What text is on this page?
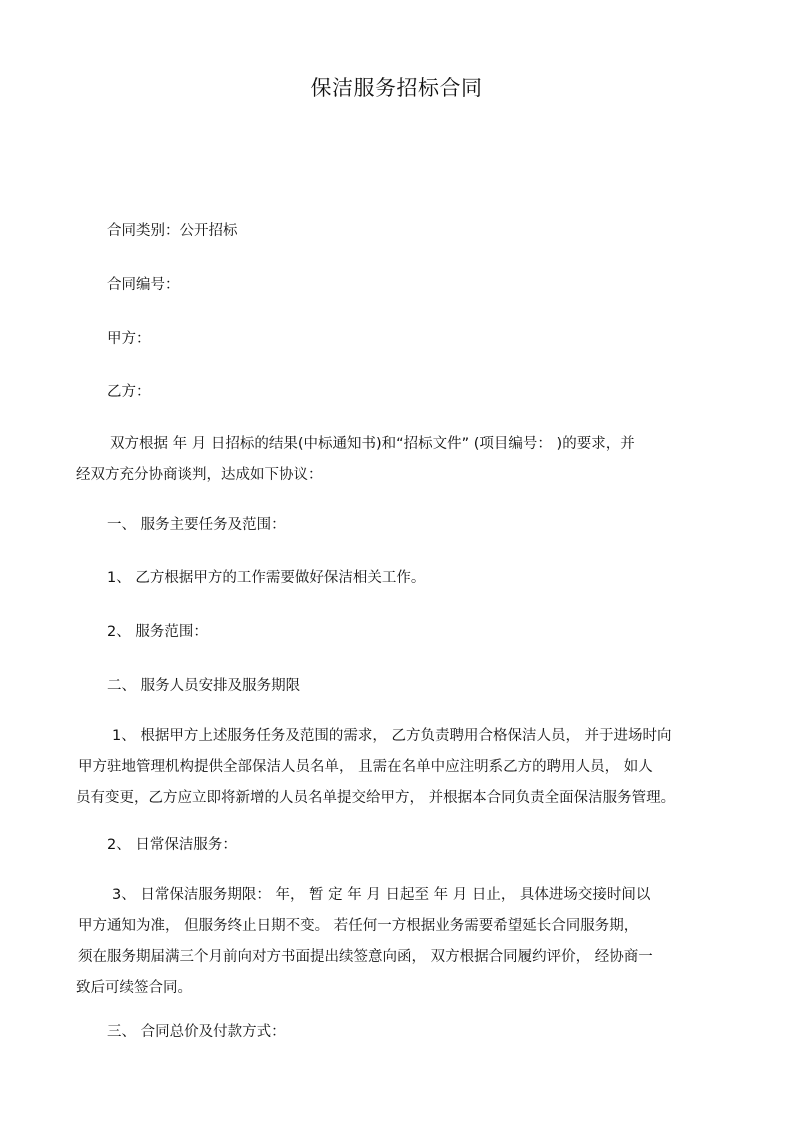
保洁服务招标合同
合同类别：公开招标
合同编号：
甲方：
乙方：
双方根据 年 月 日招标的结果(中标通知书)和“招标文件” (项目编号： )的要求，并
经双方充分协商谈判，达成如下协议：
一、 服务主要任务及范围：
1、 乙方根据甲方的工作需要做好保洁相关工作。
2、 服务范围：
二、 服务人员安排及服务期限
1、 根据甲方上述服务任务及范围的需求， 乙方负责聘用合格保洁人员， 并于进场时向
甲方驻地管理机构提供全部保洁人员名单， 且需在名单中应注明系乙方的聘用人员， 如人
员有变更，乙方应立即将新增的人员名单提交给甲方， 并根据本合同负责全面保洁服务管理。
2、 日常保洁服务：
3、 日常保洁服务期限： 年， 暂 定 年 月 日起至 年 月 日止， 具体进场交接时间以
甲方通知为准， 但服务终止日期不变。 若任何一方根据业务需要希望延长合同服务期，
须在服务期届满三个月前向对方书面提出续签意向函， 双方根据合同履约评价， 经协商一
致后可续签合同。
三、 合同总价及付款方式：
